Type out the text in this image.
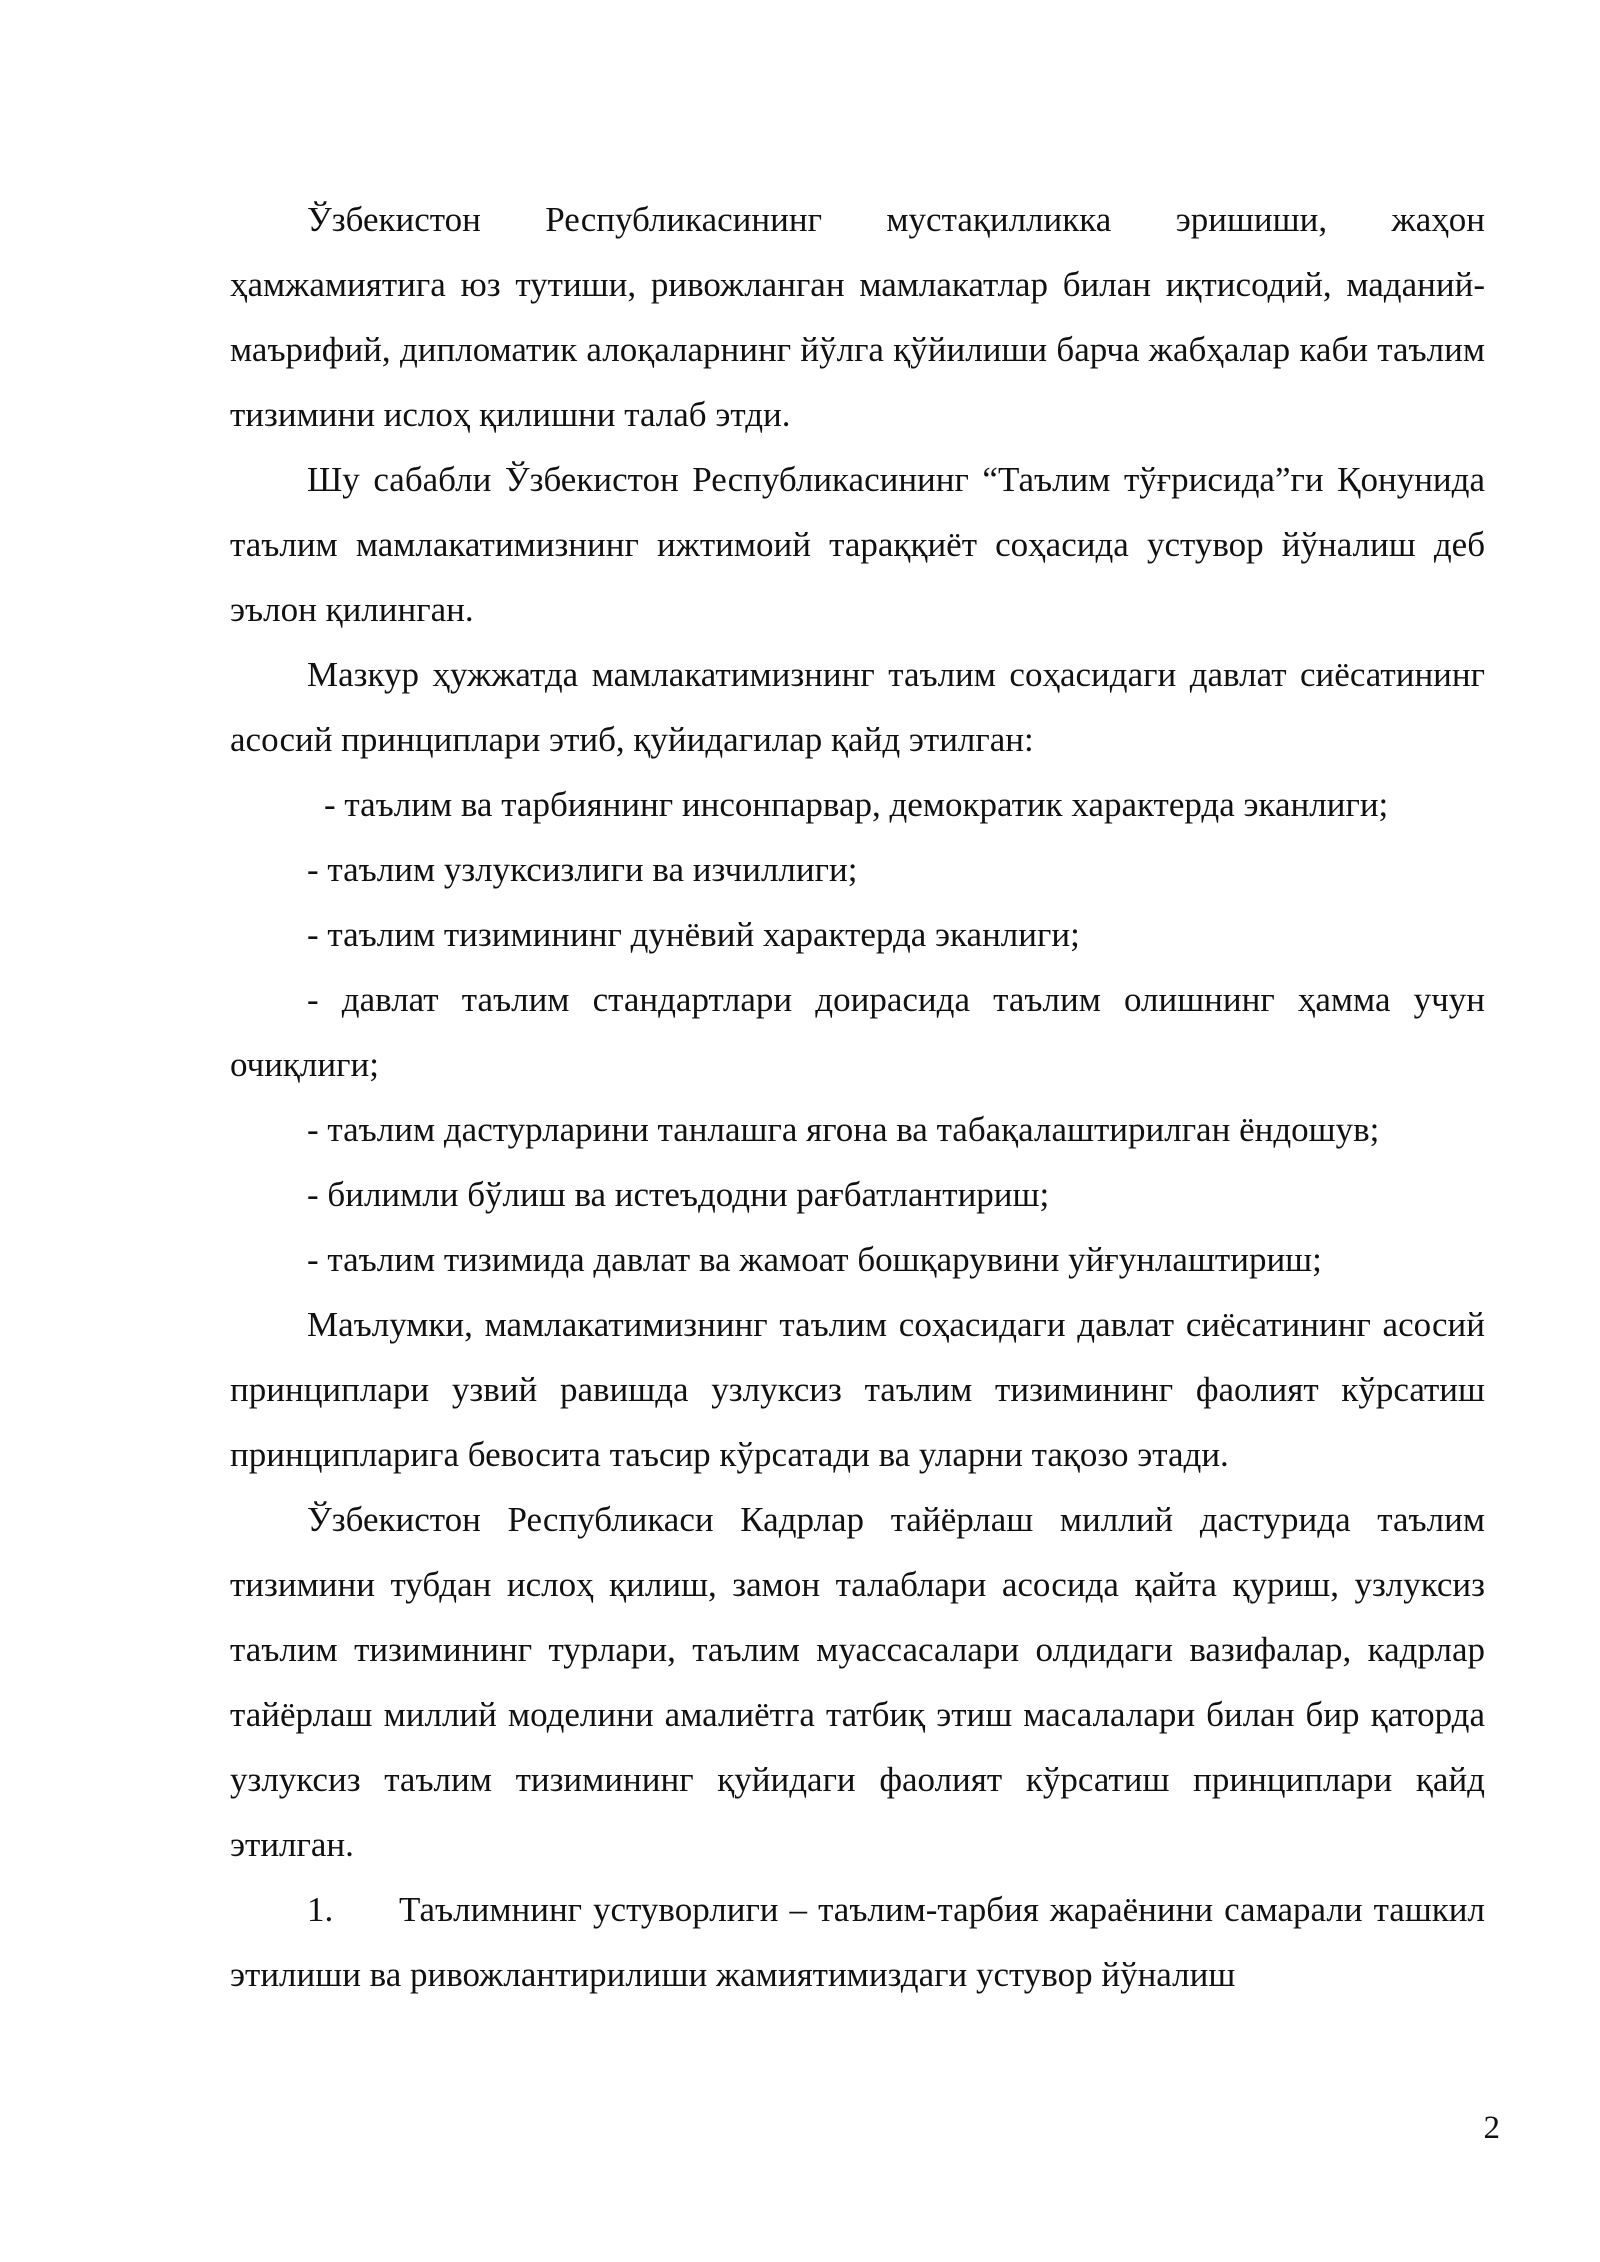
Ўзбекистон Республикасининг мустақилликка эришиши, жаҳон ҳамжамиятига юз тутиши, ривожланган мамлакатлар билан иқтисодий, маданий-маърифий, дипломатик алоқаларнинг йўлга қўйилиши барча жабҳалар каби таълим тизимини ислоҳ қилишни талаб этди.

Шу сабабли Ўзбекистон Республикасининг “Таълим тўғрисида”ги Қонунида таълим мамлакатимизнинг ижтимоий тараққиёт соҳасида устувор йўналиш деб эълон қилинган.

Мазкур ҳужжатда мамлакатимизнинг таълим соҳасидаги давлат сиёсатининг асосий принциплари этиб, қуйидагилар қайд этилган:

- таълим ва тарбиянинг инсонпарвар, демократик характерда эканлиги;

- таълим узлуксизлиги ва изчиллиги;

- таълим тизимининг дунёвий характерда эканлиги;

- давлат таълим стандартлари доирасида таълим олишнинг ҳамма учун очиқлиги;

- таълим дастурларини танлашга ягона ва табақалаштирилган ёндошув;

- билимли бўлиш ва истеъдодни рағбатлантириш;

- таълим тизимида давлат ва жамоат бошқарувини уйғунлаштириш;

Маълумки, мамлакатимизнинг таълим соҳасидаги давлат сиёсатининг асосий принциплари узвий равишда узлуксиз таълим тизимининг фаолият кўрсатиш принципларига бевосита таъсир кўрсатади ва уларни тақозо этади.

Ўзбекистон Республикаси Кадрлар тайёрлаш миллий дастурида таълим тизимини тубдан ислоҳ қилиш, замон талаблари асосида қайта қуриш, узлуксиз таълим тизимининг турлари, таълим муассасалари олдидаги вазифалар, кадрлар тайёрлаш миллий моделини амалиётга татбиқ этиш масалалари билан бир қаторда узлуксиз таълим тизимининг қуйидаги фаолият кўрсатиш принциплари қайд этилган.

1. Таълимнинг устуворлиги – таълим-тарбия жараёнини самарали ташкил этилиши ва ривожлантирилиши жамиятимиздаги устувор йўналиш

2
